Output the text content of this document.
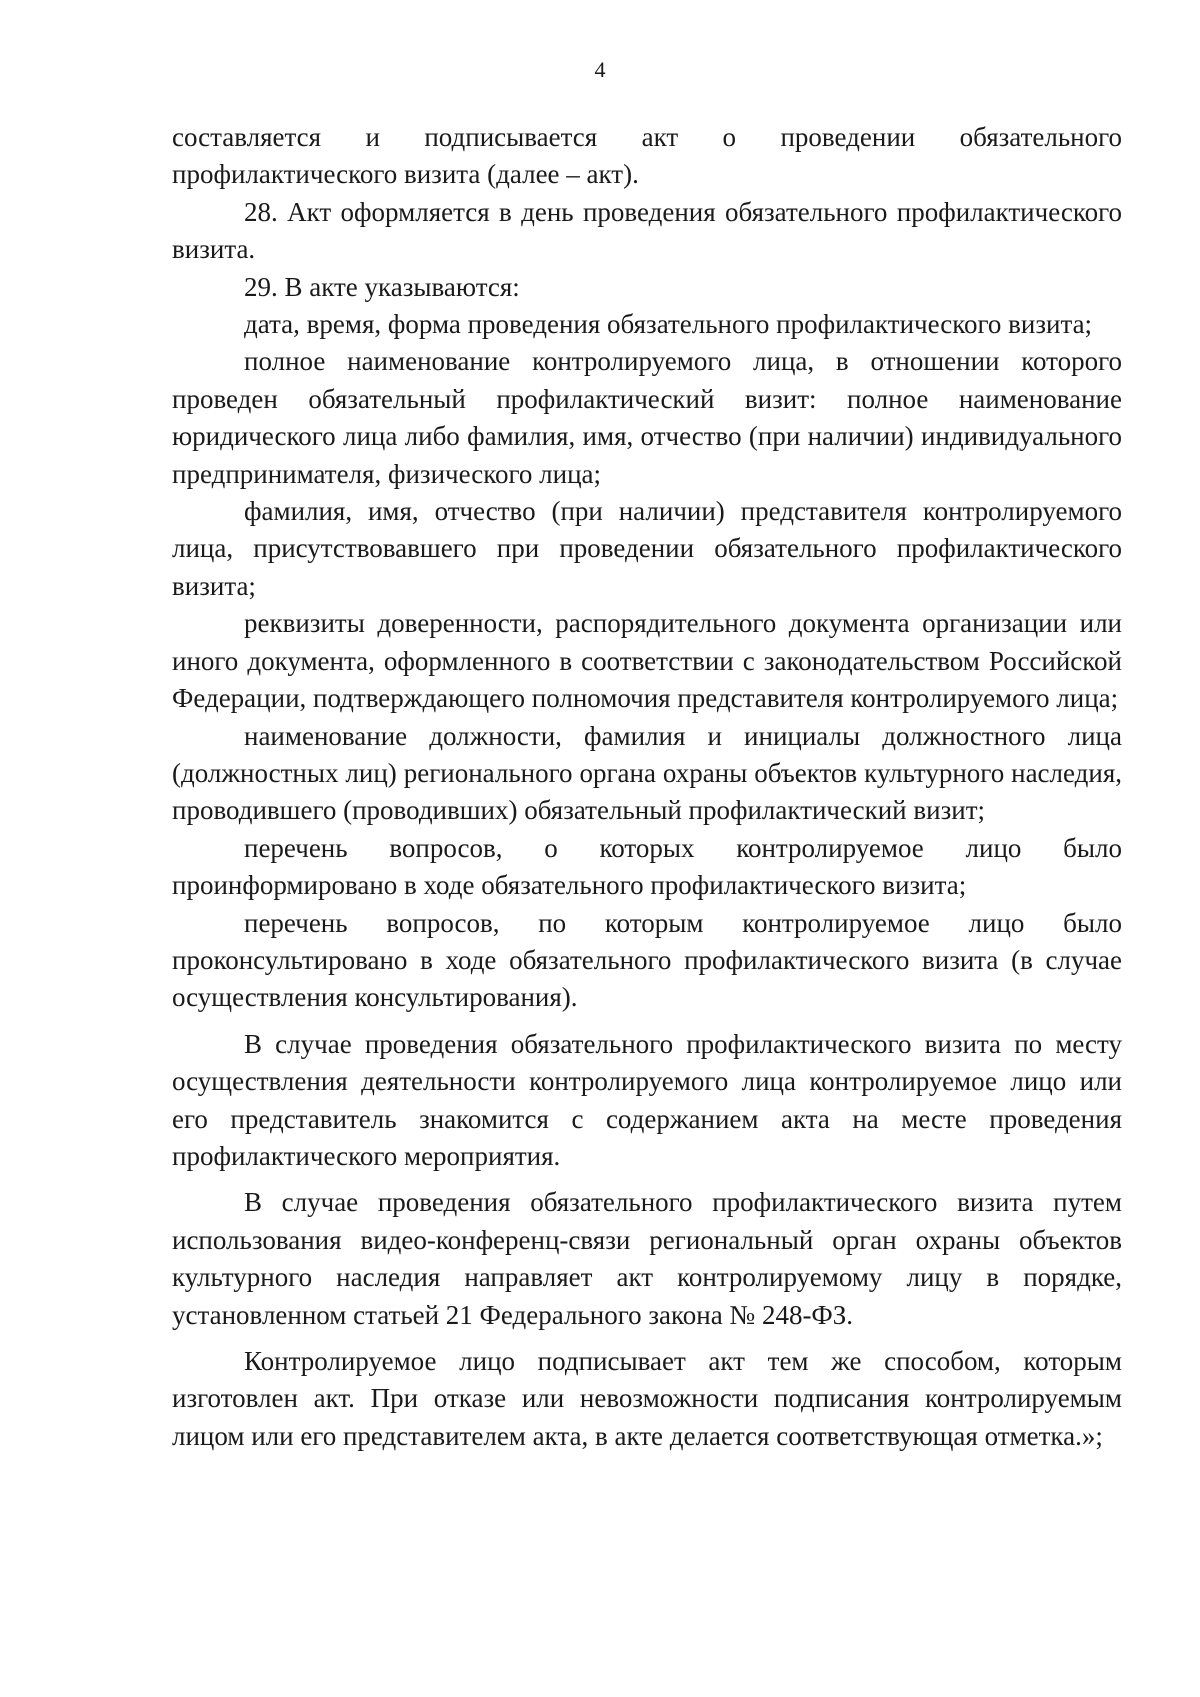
4

составляется и подписывается акт о проведении обязательного профилактического визита (далее – акт).

28. Акт оформляется в день проведения обязательного профилактического визита.

29. В акте указываются:

дата, время, форма проведения обязательного профилактического визита;

полное наименование контролируемого лица, в отношении которого проведен обязательный профилактический визит: полное наименование юридического лица либо фамилия, имя, отчество (при наличии) индивидуального предпринимателя, физического лица;

фамилия, имя, отчество (при наличии) представителя контролируемого лица, присутствовавшего при проведении обязательного профилактического визита;

реквизиты доверенности, распорядительного документа организации или иного документа, оформленного в соответствии с законодательством Российской Федерации, подтверждающего полномочия представителя контролируемого лица;

наименование должности, фамилия и инициалы должностного лица (должностных лиц) регионального органа охраны объектов культурного наследия, проводившего (проводивших) обязательный профилактический визит;

перечень вопросов, о которых контролируемое лицо было проинформировано в ходе обязательного профилактического визита;

перечень вопросов, по которым контролируемое лицо было проконсультировано в ходе обязательного профилактического визита (в случае осуществления консультирования).

В случае проведения обязательного профилактического визита по месту осуществления деятельности контролируемого лица контролируемое лицо или его представитель знакомится с содержанием акта на месте проведения профилактического мероприятия.

В случае проведения обязательного профилактического визита путем использования видео-конференц-связи региональный орган охраны объектов культурного наследия направляет акт контролируемому лицу в порядке, установленном статьей 21 Федерального закона № 248-ФЗ.

Контролируемое лицо подписывает акт тем же способом, которым изготовлен акт. При отказе или невозможности подписания контролируемым лицом или его представителем акта, в акте делается соответствующая отметка.»;
